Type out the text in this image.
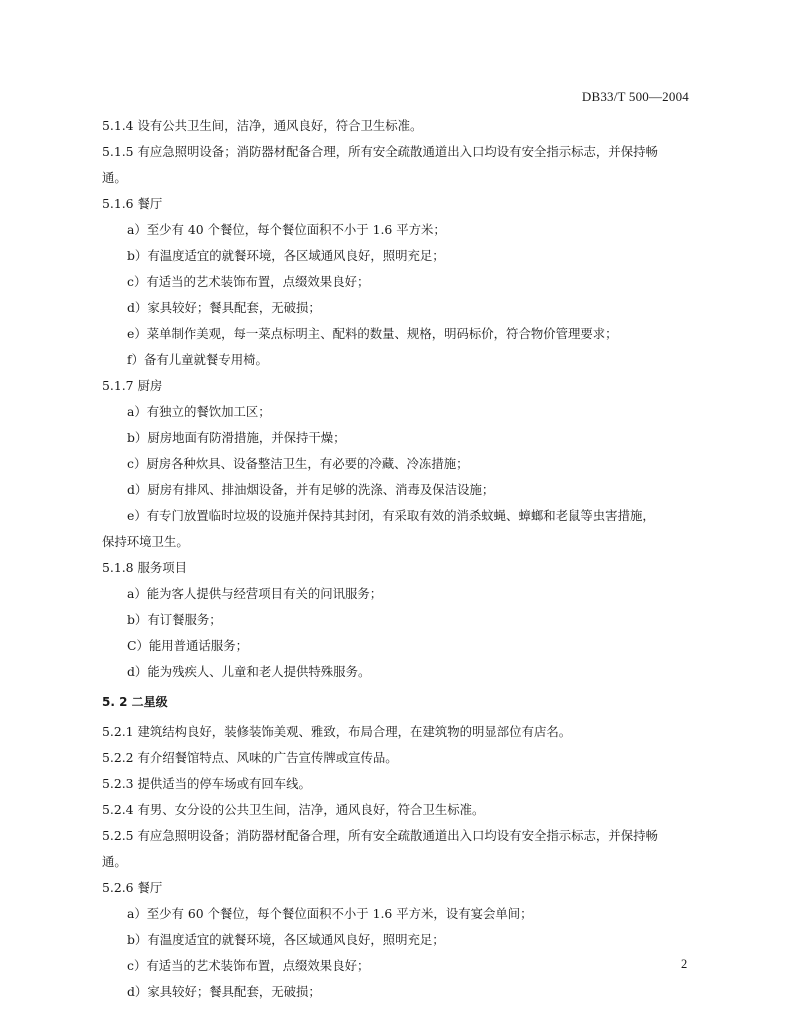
DB33/T 500—2004
5.1.4 设有公共卫生间，洁净，通风良好，符合卫生标准。
5.1.5 有应急照明设备；消防器材配备合理，所有安全疏散通道出入口均设有安全指示标志，并保持畅
通。
5.1.6 餐厅
a）至少有 40 个餐位，每个餐位面积不小于 1.6 平方米；
b）有温度适宜的就餐环境，各区域通风良好，照明充足；
c）有适当的艺术装饰布置，点缀效果良好；
d）家具较好；餐具配套，无破损；
e）菜单制作美观，每一菜点标明主、配料的数量、规格，明码标价，符合物价管理要求；
f）备有儿童就餐专用椅。
5.1.7 厨房
a）有独立的餐饮加工区；
b）厨房地面有防滑措施，并保持干燥；
c）厨房各种炊具、设备整洁卫生，有必要的冷藏、冷冻措施；
d）厨房有排风、排油烟设备，并有足够的洗涤、消毒及保洁设施；
e）有专门放置临时垃圾的设施并保持其封闭，有采取有效的消杀蚊蝇、蟑螂和老鼠等虫害措施，
保持环境卫生。
5.1.8 服务项目
a）能为客人提供与经营项目有关的问讯服务；
b）有订餐服务；
C）能用普通话服务；
d）能为残疾人、儿童和老人提供特殊服务。
5. 2 二星级
5.2.1 建筑结构良好，装修装饰美观、雅致，布局合理，在建筑物的明显部位有店名。
5.2.2 有介绍餐馆特点、风味的广告宣传牌或宣传品。
5.2.3 提供适当的停车场或有回车线。
5.2.4 有男、女分设的公共卫生间，洁净，通风良好，符合卫生标准。
5.2.5 有应急照明设备；消防器材配备合理，所有安全疏散通道出入口均设有安全指示标志，并保持畅
通。
5.2.6 餐厅
a）至少有 60 个餐位，每个餐位面积不小于 1.6 平方米，设有宴会单间；
b）有温度适宜的就餐环境，各区域通风良好，照明充足；
c）有适当的艺术装饰布置，点缀效果良好；
d）家具较好；餐具配套，无破损；
2
